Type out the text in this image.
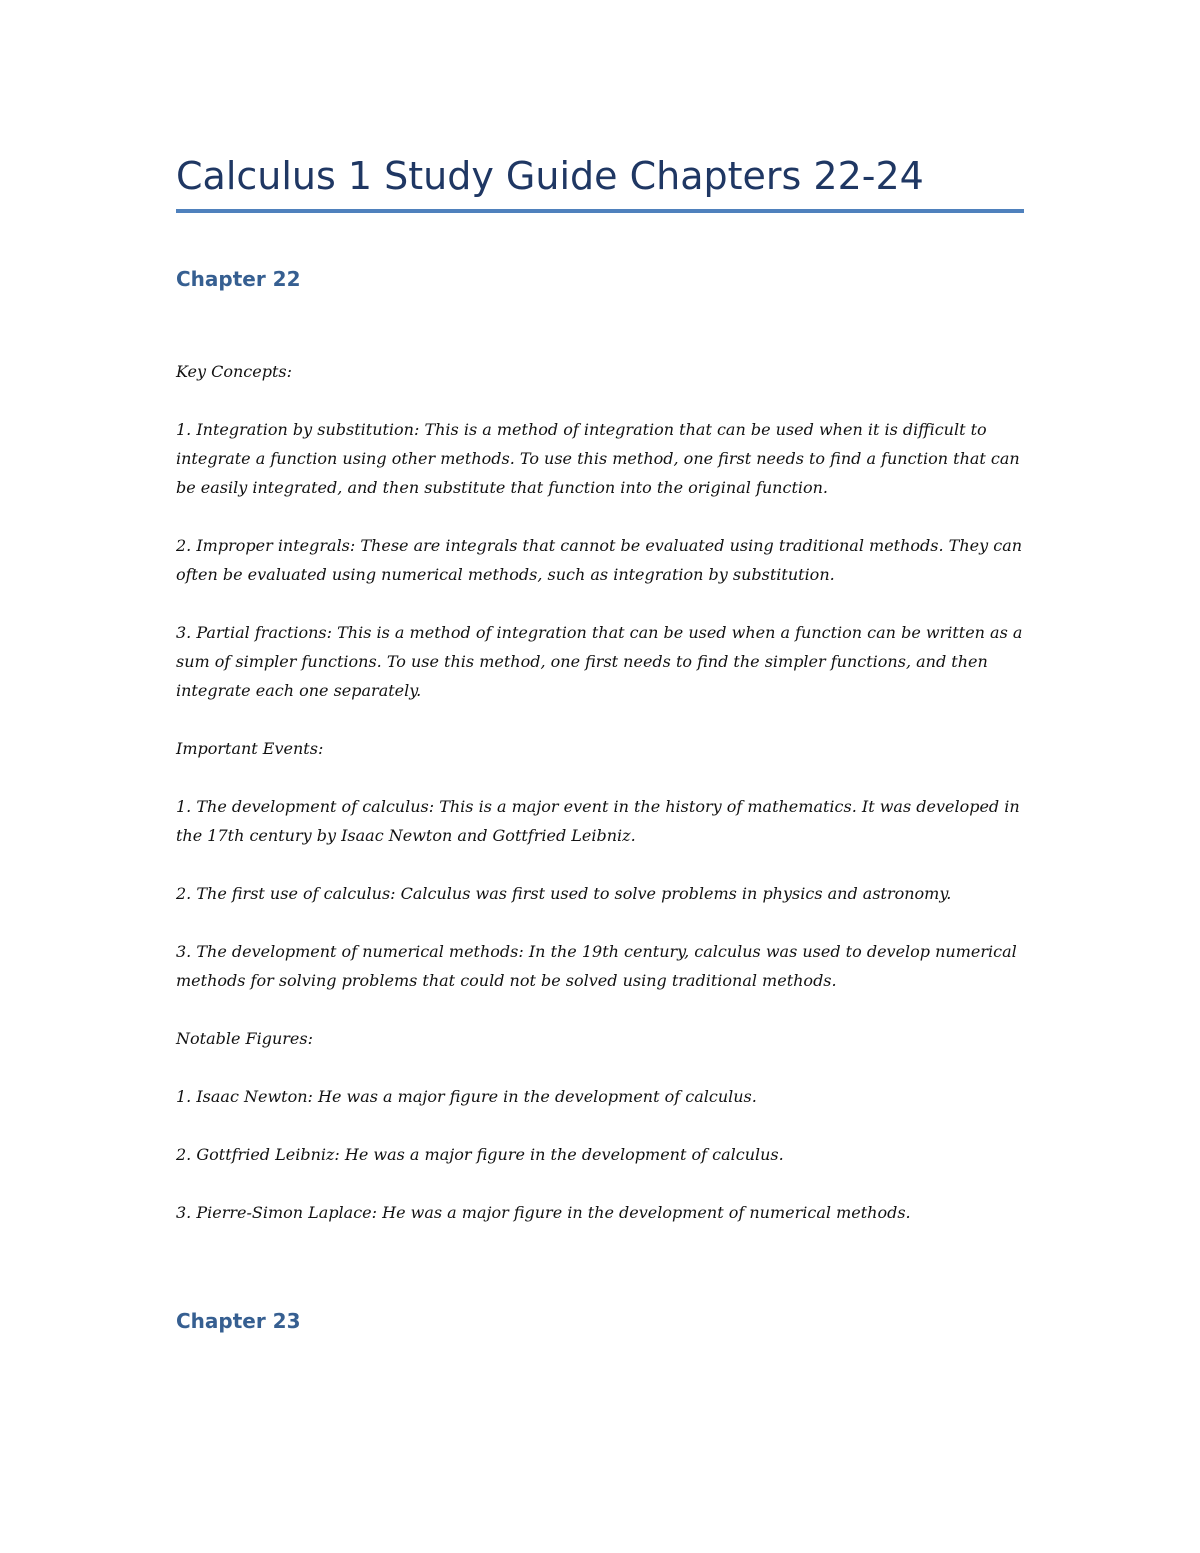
Calculus 1 Study Guide Chapters 22-24
Chapter 22

Key Concepts:

1. Integration by substitution: This is a method of integration that can be used when it is difficult to integrate a function using other methods. To use this method, one first needs to find a function that can be easily integrated, and then substitute that function into the original function.

2. Improper integrals: These are integrals that cannot be evaluated using traditional methods. They can often be evaluated using numerical methods, such as integration by substitution.

3. Partial fractions: This is a method of integration that can be used when a function can be written as a sum of simpler functions. To use this method, one first needs to find the simpler functions, and then integrate each one separately.

Important Events:

1. The development of calculus: This is a major event in the history of mathematics. It was developed in the 17th century by Isaac Newton and Gottfried Leibniz.

2. The first use of calculus: Calculus was first used to solve problems in physics and astronomy.

3. The development of numerical methods: In the 19th century, calculus was used to develop numerical methods for solving problems that could not be solved using traditional methods.

Notable Figures:

1. Isaac Newton: He was a major figure in the development of calculus.

2. Gottfried Leibniz: He was a major figure in the development of calculus.

3. Pierre-Simon Laplace: He was a major figure in the development of numerical methods.

Chapter 23
